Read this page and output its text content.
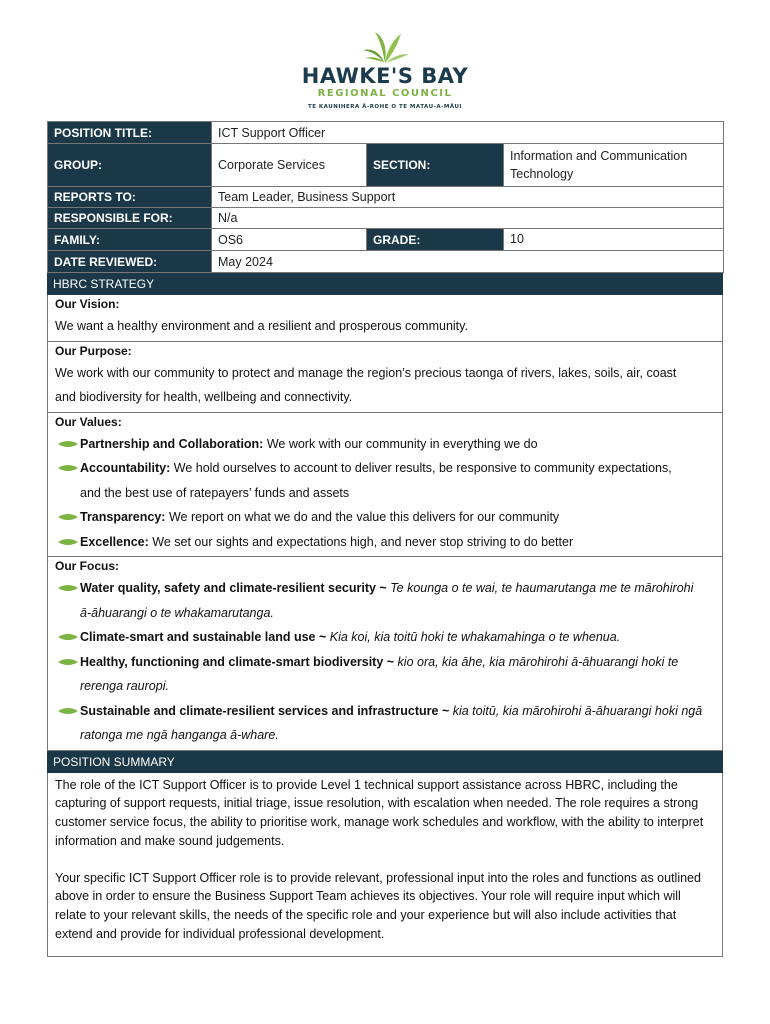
HAWKE'S BAY
REGIONAL COUNCIL
TE KAUNIHERA Ā-ROHE O TE MATAU-A-MĀUI
POSITION TITLE:	ICT Support Officer		
GROUP:	Corporate Services	SECTION:	Information and Communication Technology
REPORTS TO:	Team Leader, Business Support		
RESPONSIBLE FOR:	N/a		
FAMILY:	OS6	GRADE:	10
DATE REVIEWED:	May 2024		
HBRC STRATEGY
Our Vision:

We want a healthy environment and a resilient and prosperous community.

Our Purpose:

We work with our community to protect and manage the region’s precious taonga of rivers, lakes, soils, air, coast

and biodiversity for health, wellbeing and connectivity.

Our Values:
Partnership and Collaboration: We work with our community in everything we do
Accountability: We hold ourselves to account to deliver results, be responsive to community expectations,
and the best use of ratepayers’ funds and assets
Transparency: We report on what we do and the value this delivers for our community
Excellence: We set our sights and expectations high, and never stop striving to do better
Our Focus:
Water quality, safety and climate-resilient security ~ Te kounga o te wai, te haumarutanga me te mārohirohi
ā-āhuarangi o te whakamarutanga.
Climate-smart and sustainable land use ~ Kia koi, kia toitū hoki te whakamahinga o te whenua.
Healthy, functioning and climate-smart biodiversity ~ kio ora, kia āhe, kia mārohirohi ā-āhuarangi hoki te
rerenga rauropi.
Sustainable and climate-resilient services and infrastructure ~ kia toitū, kia mārohirohi ā-āhuarangi hoki ngā
ratonga me ngā hanganga ā-whare.
POSITION SUMMARY

The role of the ICT Support Officer is to provide Level 1 technical support assistance across HBRC, including the capturing of support requests, initial triage, issue resolution, with escalation when needed. The role requires a strong customer service focus, the ability to prioritise work, manage work schedules and workflow, with the ability to interpret information and make sound judgements.

Your specific ICT Support Officer role is to provide relevant, professional input into the roles and functions as outlined above in order to ensure the Business Support Team achieves its objectives. Your role will require input which will relate to your relevant skills, the needs of the specific role and your experience but will also include activities that extend and provide for individual professional development.
